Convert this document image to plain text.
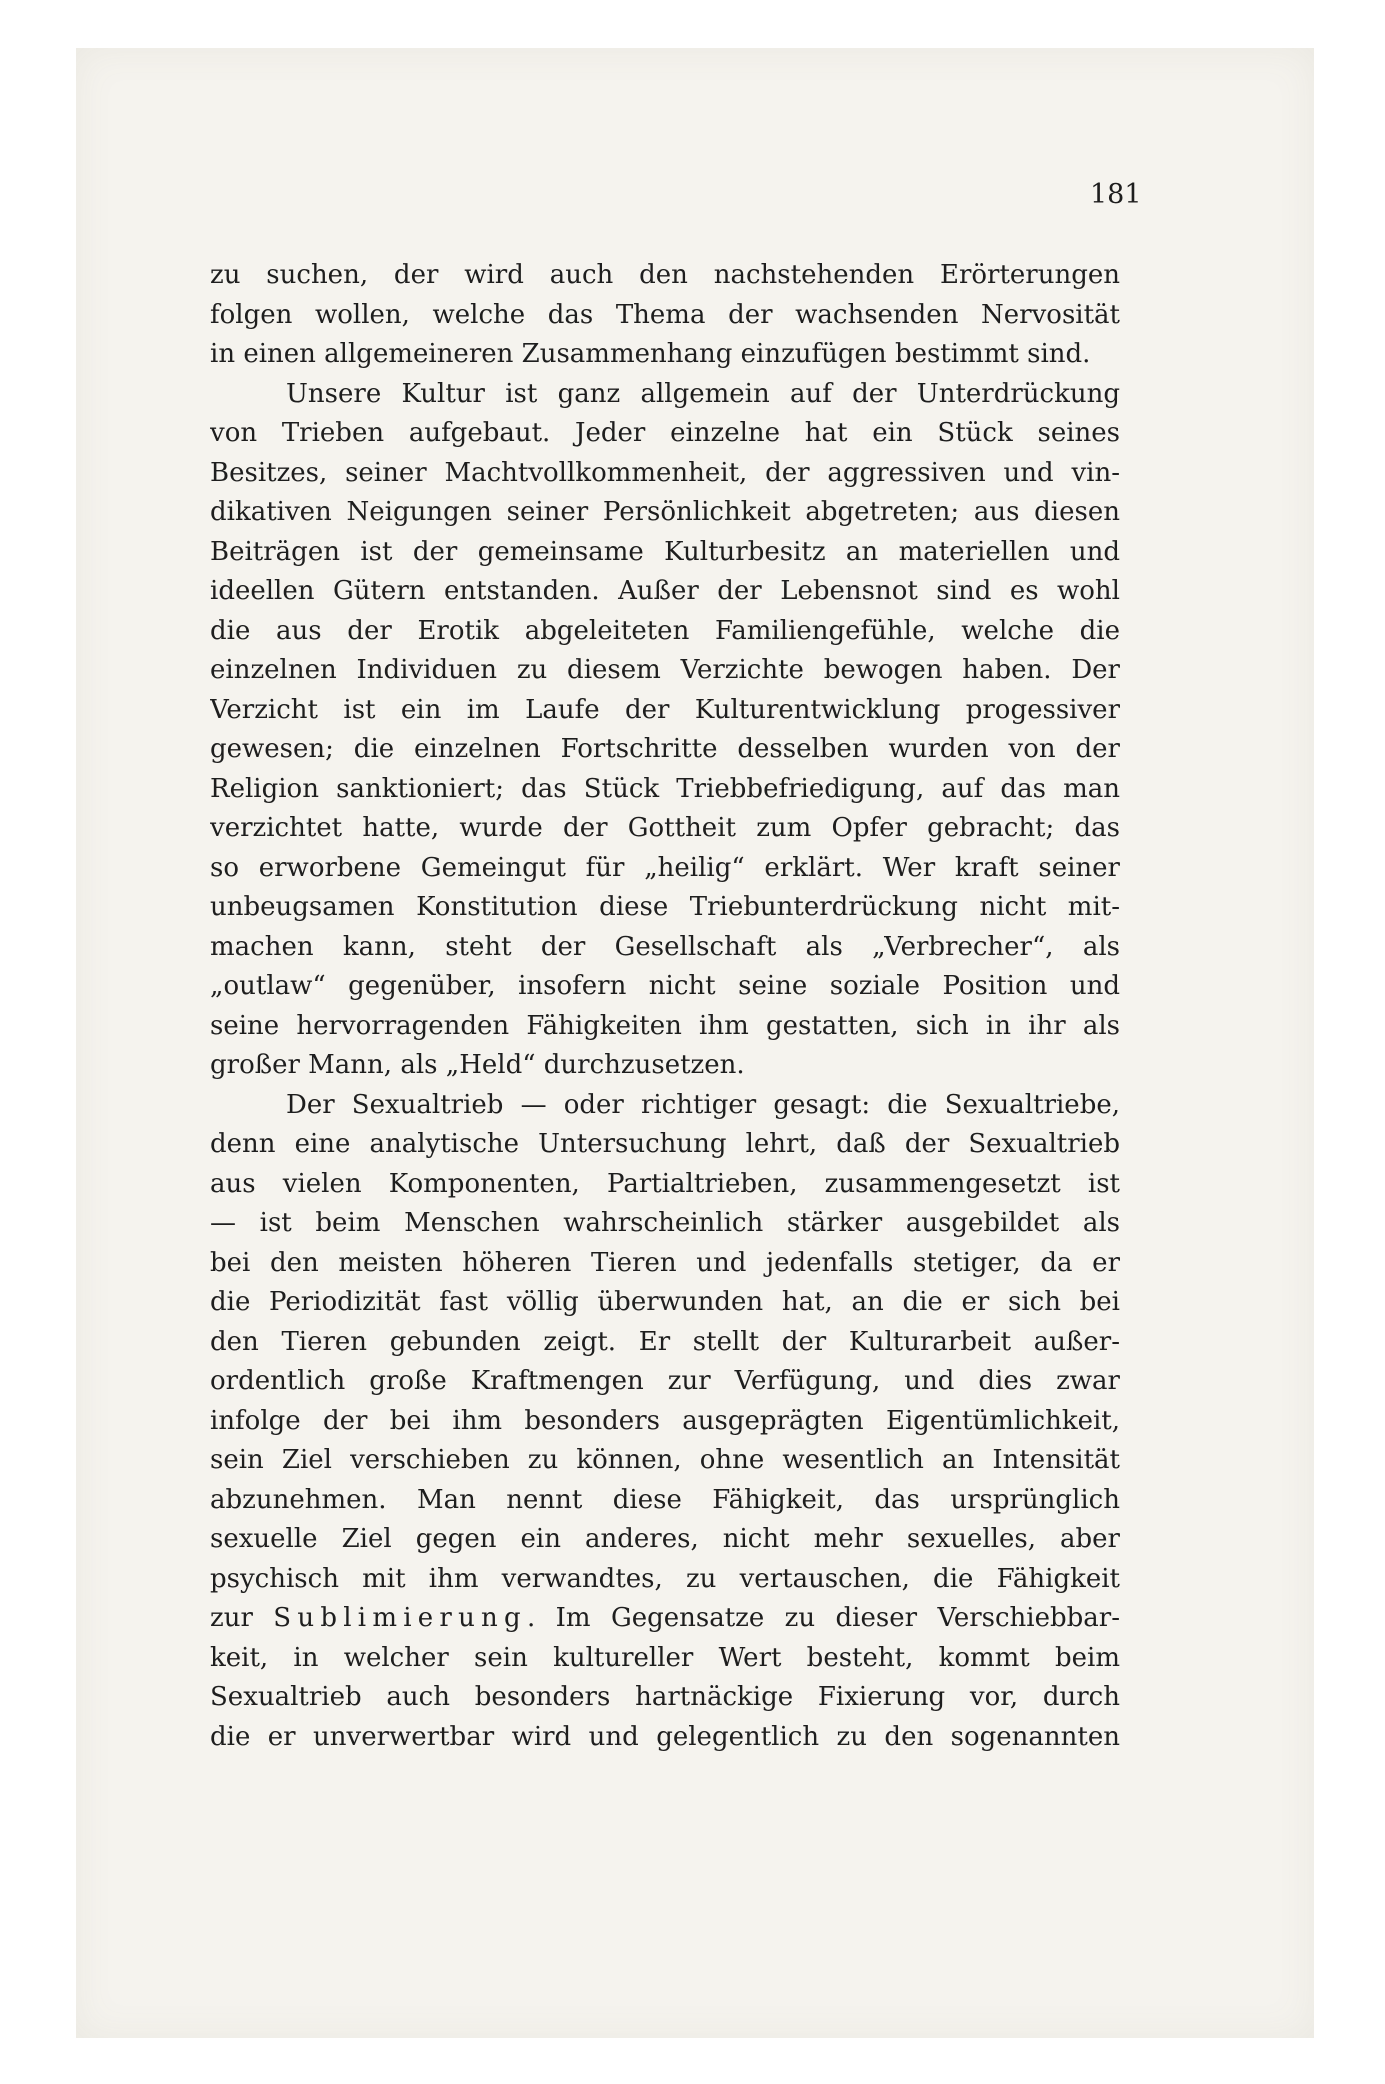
181
zu suchen, der wird auch den nachstehenden Erörterungen
folgen wollen, welche das Thema der wachsenden Nervosität
in einen allgemeineren Zusammenhang einzufügen bestimmt sind.
Unsere Kultur ist ganz allgemein auf der Unterdrückung
von Trieben aufgebaut. Jeder einzelne hat ein Stück seines
Besitzes, seiner Machtvollkommenheit, der aggressiven und vin-
dikativen Neigungen seiner Persönlichkeit abgetreten; aus diesen
Beiträgen ist der gemeinsame Kulturbesitz an materiellen und
ideellen Gütern entstanden. Außer der Lebensnot sind es wohl
die aus der Erotik abgeleiteten Familiengefühle, welche die
einzelnen Individuen zu diesem Verzichte bewogen haben. Der
Verzicht ist ein im Laufe der Kulturentwicklung progessiver
gewesen; die einzelnen Fortschritte desselben wurden von der
Religion sanktioniert; das Stück Triebbefriedigung, auf das man
verzichtet hatte, wurde der Gottheit zum Opfer gebracht; das
so erworbene Gemeingut für „heilig“ erklärt. Wer kraft seiner
unbeugsamen Konstitution diese Triebunterdrückung nicht mit-
machen kann, steht der Gesellschaft als „Verbrecher“, als
„outlaw“ gegenüber, insofern nicht seine soziale Position und
seine hervorragenden Fähigkeiten ihm gestatten, sich in ihr als
großer Mann, als „Held“ durchzusetzen.
Der Sexualtrieb — oder richtiger gesagt: die Sexualtriebe,
denn eine analytische Untersuchung lehrt, daß der Sexualtrieb
aus vielen Komponenten, Partialtrieben, zusammengesetzt ist
— ist beim Menschen wahrscheinlich stärker ausgebildet als
bei den meisten höheren Tieren und jedenfalls stetiger, da er
die Periodizität fast völlig überwunden hat, an die er sich bei
den Tieren gebunden zeigt. Er stellt der Kulturarbeit außer-
ordentlich große Kraftmengen zur Verfügung, und dies zwar
infolge der bei ihm besonders ausgeprägten Eigentümlichkeit,
sein Ziel verschieben zu können, ohne wesentlich an Intensität
abzunehmen. Man nennt diese Fähigkeit, das ursprünglich
sexuelle Ziel gegen ein anderes, nicht mehr sexuelles, aber
psychisch mit ihm verwandtes, zu vertauschen, die Fähigkeit
zur Sublimierung. Im Gegensatze zu dieser Verschiebbar-
keit, in welcher sein kultureller Wert besteht, kommt beim
Sexualtrieb auch besonders hartnäckige Fixierung vor, durch
die er unverwertbar wird und gelegentlich zu den sogenannten
